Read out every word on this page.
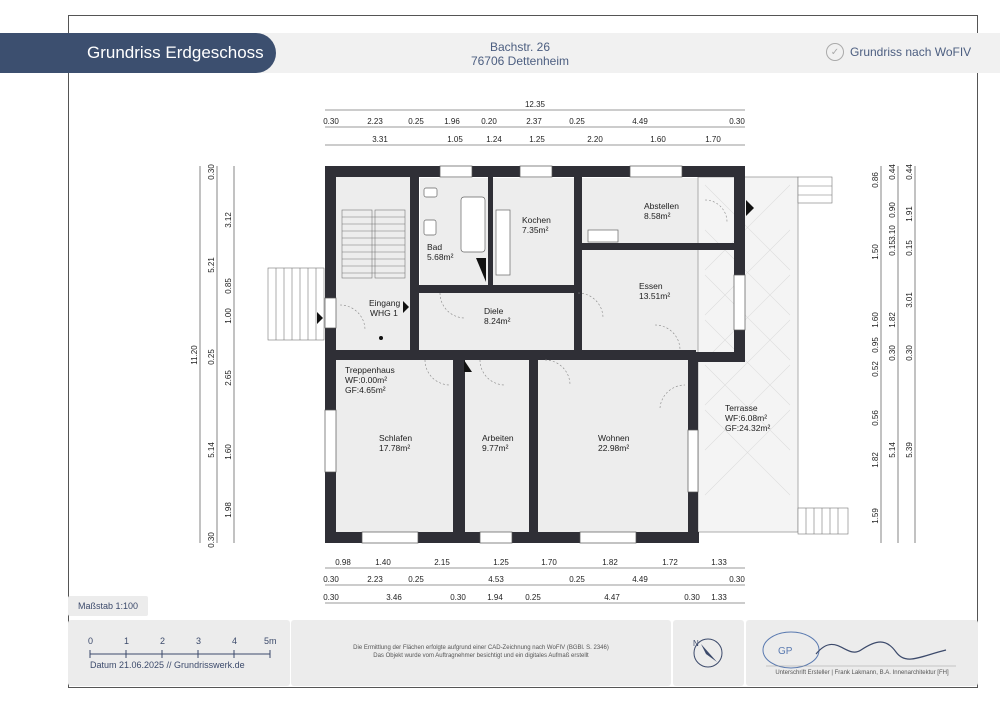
Grundriss Erdgeschoss	Bachstr. 26
76706 Dettenheim
✓ Grundriss nach WoFIV
Bad
5.68m²
Kochen
7.35m²
Abstellen
8.58m²
Eingang
WHG 1	Diele
8.24m²
Essen
13.51m²
Treppenhaus
WF:0.00m²
GF:4.65m²
Schlafen
17.78m²
Arbeiten
9.77m²
Wohnen
22.98m²
Terrasse
WF:6.08m²
GF:24.32m²
12.35
0.30	2.23	0.25	1.96	0.20	2.37	0.25	4.49	0.30
3.31	1.05	1.24	1.25	2.20	1.60	1.70
0.98	1.40	2.15	1.25	1.70	1.82	1.72	1.33
0.30	2.23	0.25	4.53	0.25	4.49	0.30
0.30	3.46	0.30	1.94	0.25	4.47	0.30 1.33
11.20
0.30
5.21
0.25
5.14
0.30
3.12
0.85
1.00
2.65
1.60
1.98
0.86
1.50
1.60
0.95
0.52
0.56
1.82
1.59
0.44
0.90
3.10
0.15
1.82
0.30
5.14
0.44
1.91
0.15
3.01
0.30
5.39
Maßstab 1:100
0	1	2	3	4	5m
Datum 21.06.2025 // Grundrisswerk.de
Die Ermittlung der Flächen erfolgte aufgrund einer CAD-Zeichnung nach WoFIV (BGBl. S. 2346)
Das Objekt wurde vom Auftragnehmer besichtigt und ein digitales Aufmaß erstellt
N
GP
Unterschrift Ersteller | Frank Lakmann, B.A. Innenarchitektur [FH]
